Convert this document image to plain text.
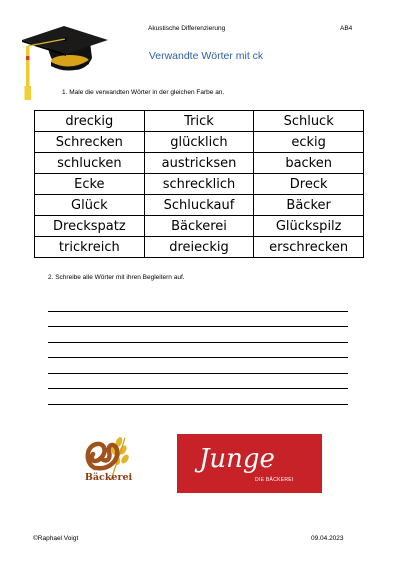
Akustische Differenzierung	AB4
Verwandte Wörter mit ck
1. Male die verwandten Wörter in der gleichen Farbe an.
dreckig	Trick	Schluck
Schrecken	glücklich	eckig
schlucken	austricksen	backen
Ecke	schrecklich	Dreck
Glück	Schluckauf	Bäcker
Dreckspatz	Bäckerei	Glückspilz
trickreich	dreieckig	erschrecken
2. Schreibe alle Wörter mit ihren Begleitern auf.
Bäckerei
Junge
DIE BÄCKEREI
©Raphael Voigt	09.04.2023
